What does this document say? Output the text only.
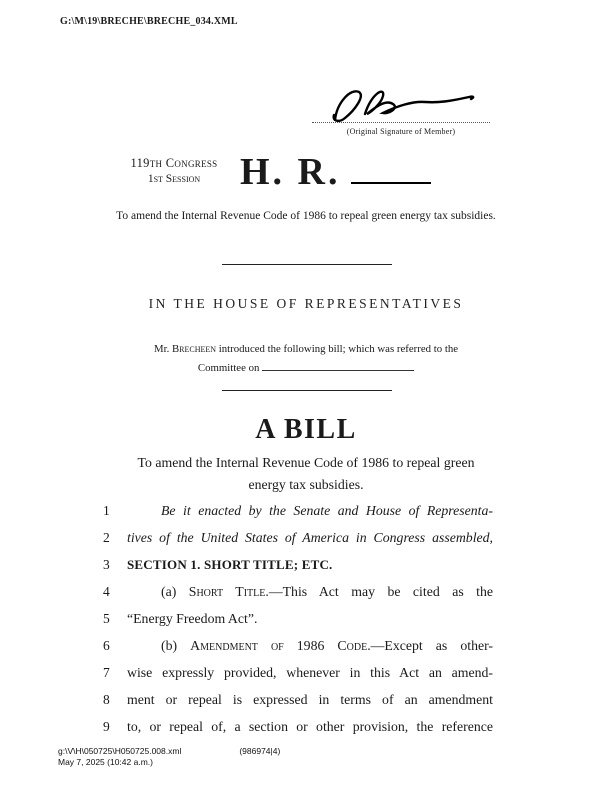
G:\M\19\BRECHE\BRECHE_034.XML
(Original Signature of Member)
119th Congress
1st Session	H. R.
To amend the Internal Revenue Code of 1986 to repeal green energy tax subsidies.
IN THE HOUSE OF REPRESENTATIVES
Mr. Brecheen introduced the following bill; which was referred to the
Committee on
A BILL
To amend the Internal Revenue Code of 1986 to repeal green energy tax subsidies.
1	Be it enacted by the Senate and House of Representa-
2 tives of the United States of America in Congress assembled,
3 SECTION 1. SHORT TITLE; ETC.
4	(a) Short Title.—This Act may be cited as the
5 “Energy Freedom Act”.
6	(b) Amendment of 1986 Code.—Except as other-
7 wise expressly provided, whenever in this Act an amend-
8 ment or repeal is expressed in terms of an amendment
9 to, or repeal of, a section or other provision, the reference
g:\V\H\050725\H050725.008.xml	(986974|4)
May 7, 2025 (10:42 a.m.)
